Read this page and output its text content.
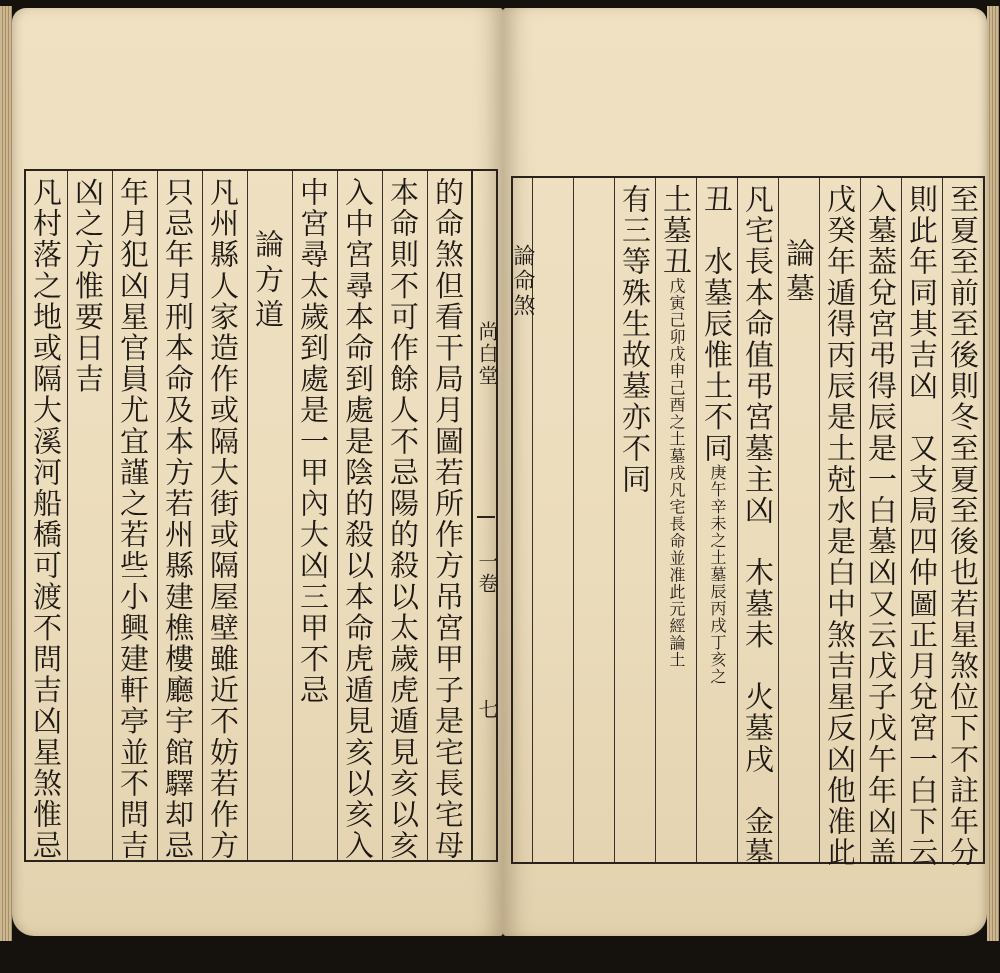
尚白堂
一卷
七
的命煞但看干局月圖若所作方吊宮甲子是宅長宅母
本命則不可作餘人不忌陽的殺以太歲虎遁見亥以亥
入中宮尋本命到處是陰的殺以本命虎遁見亥以亥入
中宮尋太歲到處是一甲內大凶三甲不忌
論方道
凡州縣人家造作或隔大街或隔屋壁雖近不妨若作方
只忌年月刑本命及本方若州縣建樵樓廳宇館驛却忌
年月犯凶星官員尤宜謹之若些小興建軒亭並不問吉
凶之方惟要日吉
凡村落之地或隔大溪河船橋可渡不問吉凶星煞惟忌	至夏至前至後則冬至夏至後也若星煞位下不註年分
則此年同其吉凶　又支局四仲圖正月兌宮一白下云
入墓葢兌宮弔得辰是一白墓凶又云戊子戊午年凶盖
戊癸年遁得丙辰是土尅水是白中煞吉星反凶他准此
論墓
凡宅長本命值弔宮墓主凶　木墓未　火墓戌　金墓
丑　水墓辰惟土不同庚午辛未之土墓辰丙戌丁亥之
土墓丑戊寅己卯戊申己酉之土墓戌凡宅長命並准此元經論土
有三等殊生故墓亦不同
論命煞
